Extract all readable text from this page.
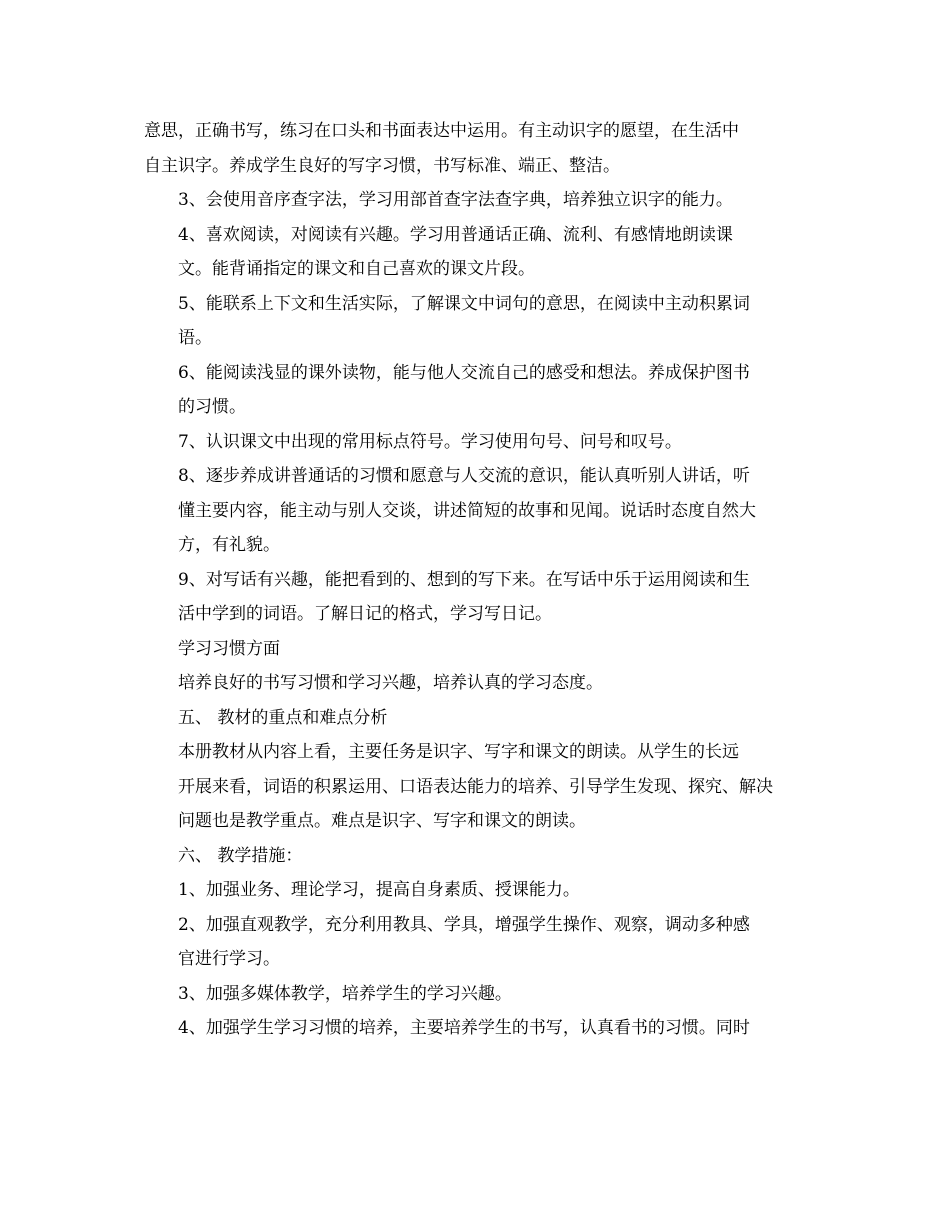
意思，正确书写，练习在口头和书面表达中运用。有主动识字的愿望，在生活中
自主识字。养成学生良好的写字习惯，书写标准、端正、整洁。

3、会使用音序查字法，学习用部首查字法查字典，培养独立识字的能力。

4、喜欢阅读，对阅读有兴趣。学习用普通话正确、流利、有感情地朗读课
文。能背诵指定的课文和自己喜欢的课文片段。

5、能联系上下文和生活实际，了解课文中词句的意思，在阅读中主动积累词
语。

6、能阅读浅显的课外读物，能与他人交流自己的感受和想法。养成保护图书
的习惯。

7、认识课文中出现的常用标点符号。学习使用句号、问号和叹号。

8、逐步养成讲普通话的习惯和愿意与人交流的意识，能认真听别人讲话，听
懂主要内容，能主动与别人交谈，讲述简短的故事和见闻。说话时态度自然大
方，有礼貌。

9、对写话有兴趣，能把看到的、想到的写下来。在写话中乐于运用阅读和生
活中学到的词语。了解日记的格式，学习写日记。

学习习惯方面

培养良好的书写习惯和学习兴趣，培养认真的学习态度。

五、 教材的重点和难点分析

本册教材从内容上看，主要任务是识字、写字和课文的朗读。从学生的长远
开展来看，词语的积累运用、口语表达能力的培养、引导学生发现、探究、解决
问题也是教学重点。难点是识字、写字和课文的朗读。

六、 教学措施：

1、加强业务、理论学习，提高自身素质、授课能力。

2、加强直观教学，充分利用教具、学具，增强学生操作、观察，调动多种感
官进行学习。

3、加强多媒体教学，培养学生的学习兴趣。

4、加强学生学习习惯的培养，主要培养学生的书写，认真看书的习惯。同时
